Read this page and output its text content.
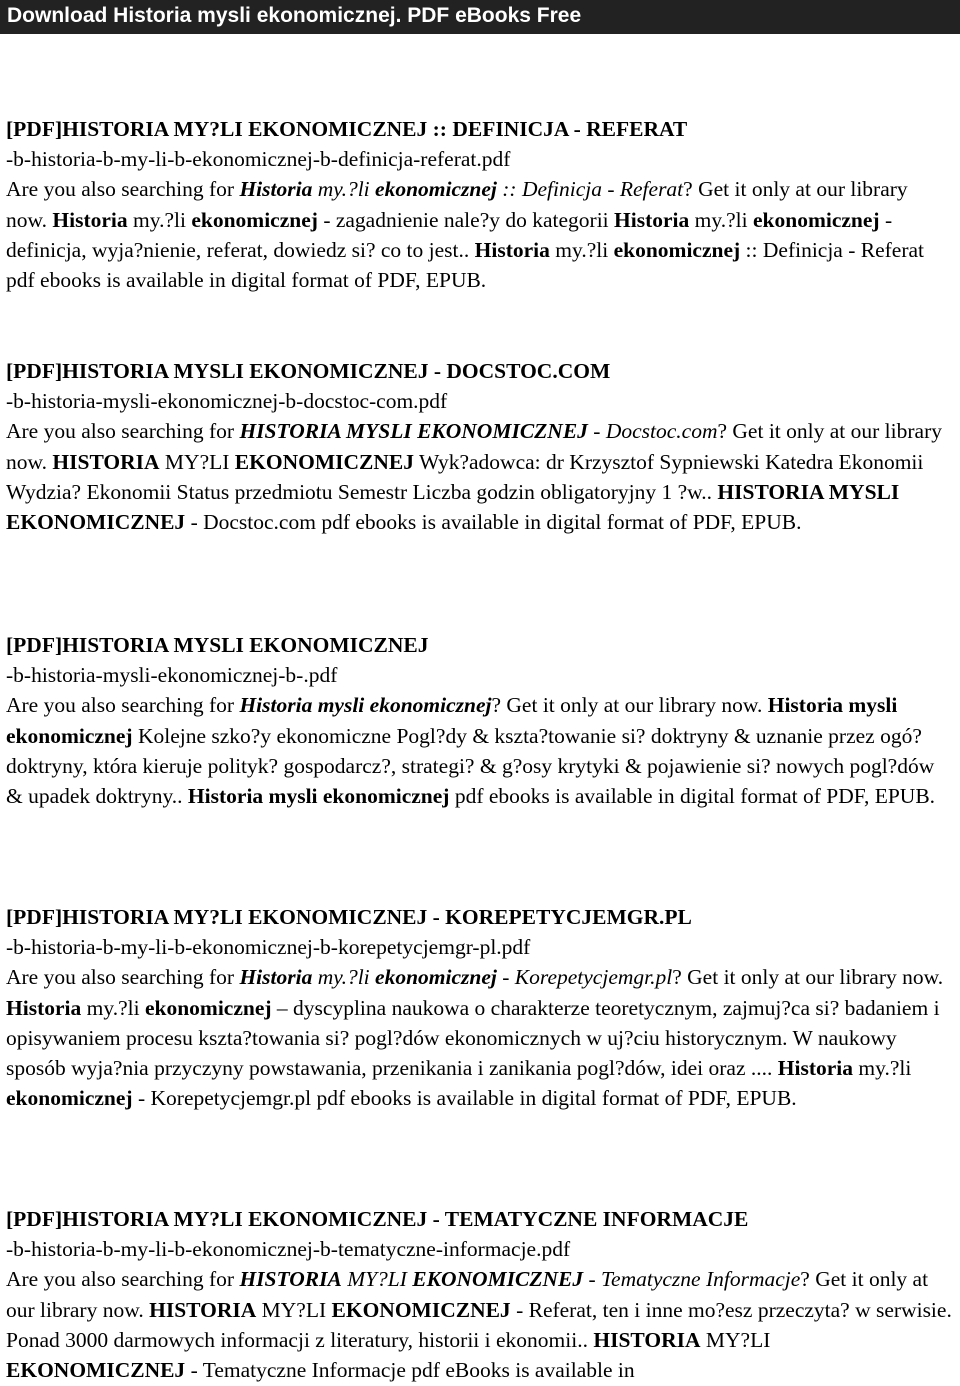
Download Historia mysli ekonomicznej. PDF eBooks Free
[PDF]HISTORIA MY?LI EKONOMICZNEJ :: DEFINICJA - REFERAT
-b-historia-b-my-li-b-ekonomicznej-b-definicja-referat.pdf

Are you also searching for Historia my.?li ekonomicznej :: Definicja - Referat? Get it only at our library now. Historia my.?li ekonomicznej - zagadnienie nale?y do kategorii Historia my.?li ekonomicznej - definicja, wyja?nienie, referat, dowiedz si? co to jest.. Historia my.?li ekonomicznej :: Definicja - Referat pdf ebooks is available in digital format of PDF, EPUB.

[PDF]HISTORIA MYSLI EKONOMICZNEJ - DOCSTOC.COM
-b-historia-mysli-ekonomicznej-b-docstoc-com.pdf

Are you also searching for HISTORIA MYSLI EKONOMICZNEJ - Docstoc.com? Get it only at our library now. HISTORIA MY?LI EKONOMICZNEJ Wyk?adowca: dr Krzysztof Sypniewski Katedra Ekonomii Wydzia? Ekonomii Status przedmiotu Semestr Liczba godzin obligatoryjny 1 ?w.. HISTORIA MYSLI EKONOMICZNEJ - Docstoc.com pdf ebooks is available in digital format of PDF, EPUB.

[PDF]HISTORIA MYSLI EKONOMICZNEJ
-b-historia-mysli-ekonomicznej-b-.pdf

Are you also searching for Historia mysli ekonomicznej? Get it only at our library now. Historia mysli ekonomicznej Kolejne szko?y ekonomiczne Pogl?dy & kszta?towanie si? doktryny & uznanie przez ogó? doktryny, która kieruje polityk? gospodarcz?, strategi? & g?osy krytyki & pojawienie si? nowych pogl?dów & upadek doktryny.. Historia mysli ekonomicznej pdf ebooks is available in digital format of PDF, EPUB.

[PDF]HISTORIA MY?LI EKONOMICZNEJ - KOREPETYCJEMGR.PL
-b-historia-b-my-li-b-ekonomicznej-b-korepetycjemgr-pl.pdf

Are you also searching for Historia my.?li ekonomicznej - Korepetycjemgr.pl? Get it only at our library now. Historia my.?li ekonomicznej – dyscyplina naukowa o charakterze teoretycznym, zajmuj?ca si? badaniem i opisywaniem procesu kszta?towania si? pogl?dów ekonomicznych w uj?ciu historycznym. W naukowy sposób wyja?nia przyczyny powstawania, przenikania i zanikania pogl?dów, idei oraz .... Historia my.?li ekonomicznej - Korepetycjemgr.pl pdf ebooks is available in digital format of PDF, EPUB.

[PDF]HISTORIA MY?LI EKONOMICZNEJ - TEMATYCZNE INFORMACJE
-b-historia-b-my-li-b-ekonomicznej-b-tematyczne-informacje.pdf

Are you also searching for HISTORIA MY?LI EKONOMICZNEJ - Tematyczne Informacje? Get it only at our library now. HISTORIA MY?LI EKONOMICZNEJ - Referat, ten i inne mo?esz przeczyta? w serwisie. Ponad 3000 darmowych informacji z literatury, historii i ekonomii.. HISTORIA MY?LI EKONOMICZNEJ - Tematyczne Informacje pdf eBooks is available in
